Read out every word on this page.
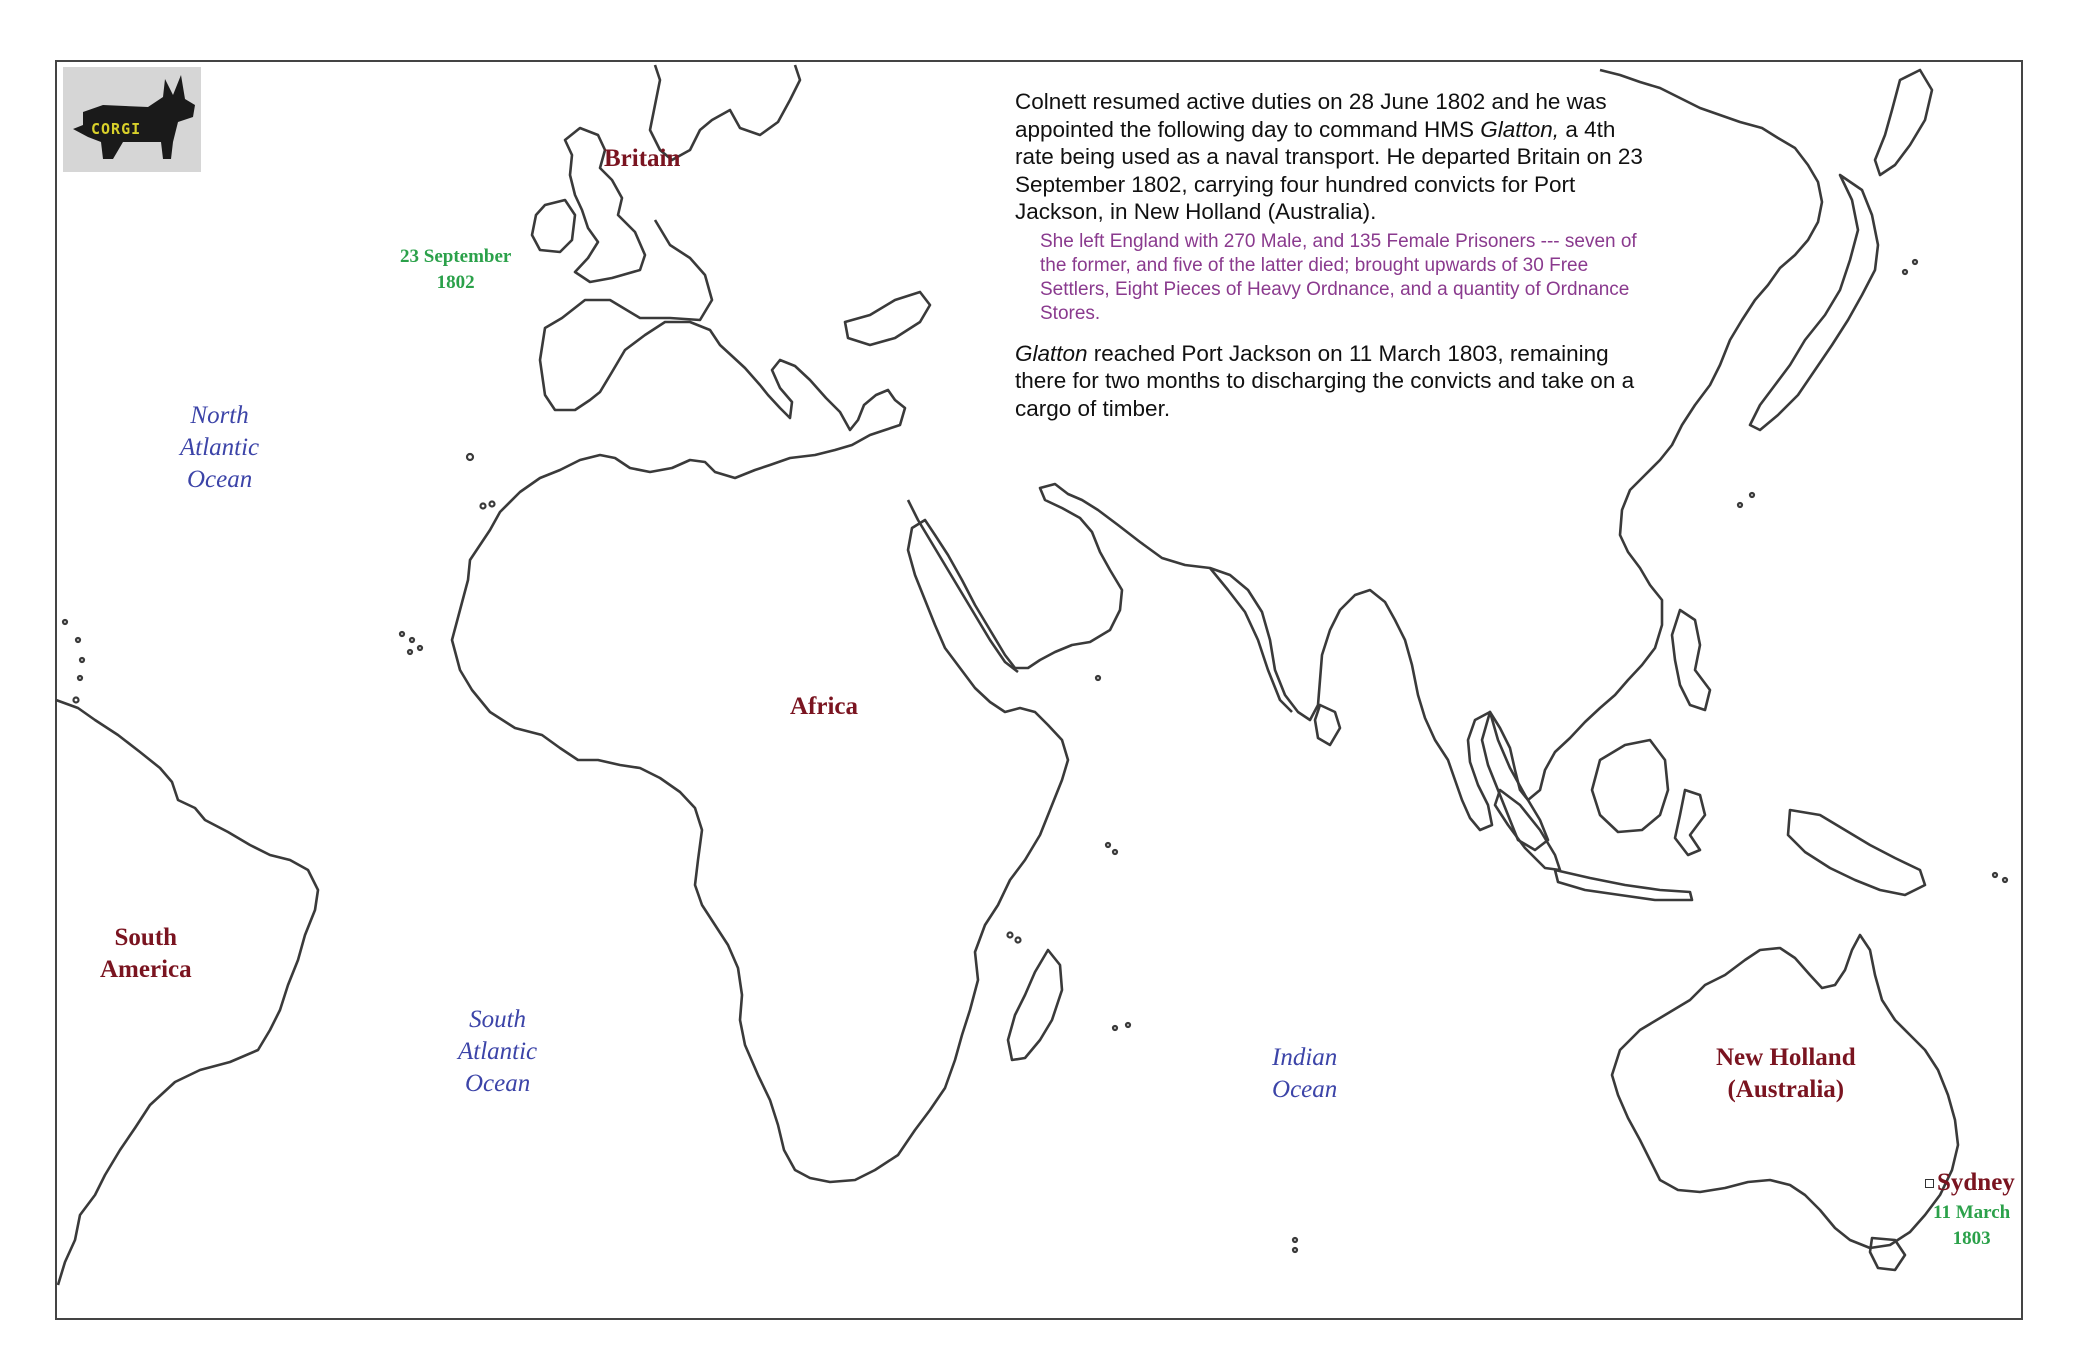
CORGI

Colnett resumed active duties on 28 June 1802 and he was appointed the following day to command HMS Glatton, a 4th rate being used as a naval transport. He departed Britain on 23 September 1802, carrying four hundred convicts for Port Jackson, in New Holland (Australia).

She left England with 270 Male, and 135 Female Prisoners --- seven of the former, and five of the latter died; brought upwards of 30 Free Settlers, Eight Pieces of Heavy Ordnance, and a quantity of Ordnance Stores.

Glatton reached Port Jackson on 11 March 1803, remaining there for two months to discharging the convicts and take on a cargo of timber.

Britain
Africa
South
America
New Holland
(Australia)
Sydney
North
Atlantic
Ocean
South
Atlantic
Ocean
Indian
Ocean
23 September
1802
11 March
1803
